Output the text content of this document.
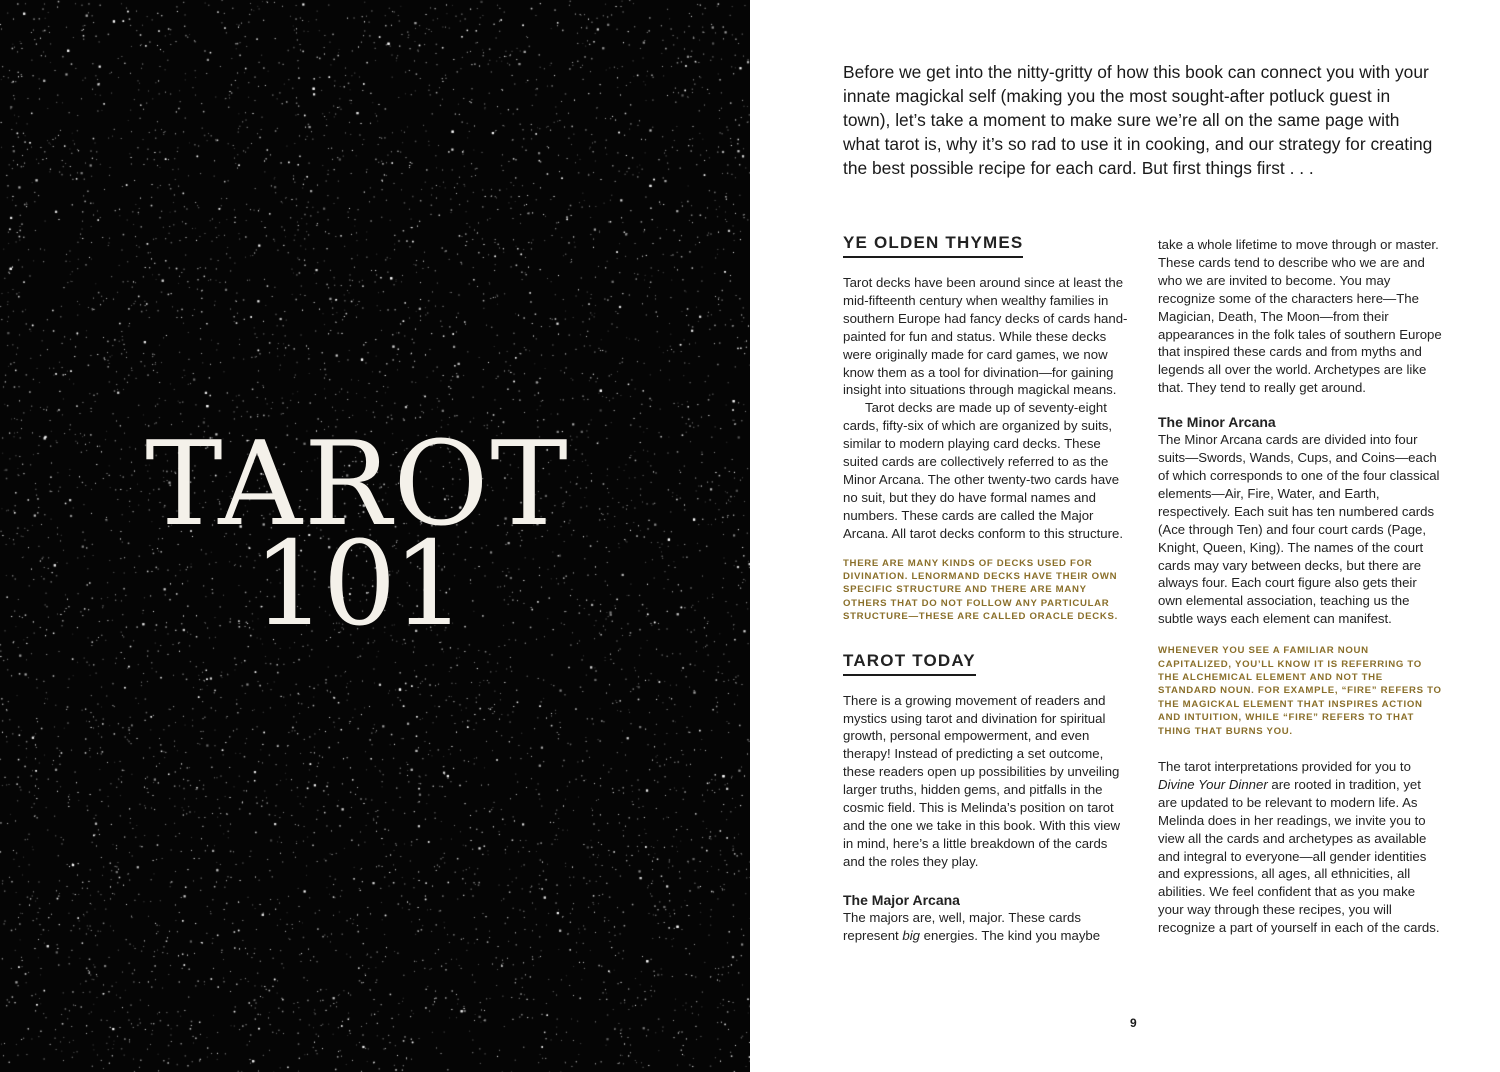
TAROT
101

Before we get into the nitty-gritty of how this book can connect you with your innate magickal self (making you the most sought-after potluck guest in town), let’s take a moment to make sure we’re all on the same page with what tarot is, why it’s so rad to use it in cooking, and our strategy for creating the best possible recipe for each card. But first things first . . .

YE OLDEN THYMES

Tarot decks have been around since at least the mid-fifteenth century when wealthy families in southern Europe had fancy decks of cards hand-painted for fun and status. While these decks were originally made for card games, we now know them as a tool for divination—for gaining insight into situations through magickal means.

Tarot decks are made up of seventy-eight cards, fifty-six of which are organized by suits, similar to modern playing card decks. These suited cards are collectively referred to as the Minor Arcana. The other twenty-two cards have no suit, but they do have formal names and numbers. These cards are called the Major Arcana. All tarot decks conform to this structure.

THERE ARE MANY KINDS OF DECKS USED FOR DIVINATION. LENORMAND DECKS HAVE THEIR OWN SPECIFIC STRUCTURE AND THERE ARE MANY OTHERS THAT DO NOT FOLLOW ANY PARTICULAR STRUCTURE—THESE ARE CALLED ORACLE DECKS.

TAROT TODAY

There is a growing movement of readers and mystics using tarot and divination for spiritual growth, personal empowerment, and even therapy! Instead of predicting a set outcome, these readers open up possibilities by unveiling larger truths, hidden gems, and pitfalls in the cosmic field. This is Melinda’s position on tarot and the one we take in this book. With this view in mind, here’s a little breakdown of the cards and the roles they play.

The Major Arcana

The majors are, well, major. These cards represent big energies. The kind you maybe

take a whole lifetime to move through or master. These cards tend to describe who we are and who we are invited to become. You may recognize some of the characters here—The Magician, Death, The Moon—from their appearances in the folk tales of southern Europe that inspired these cards and from myths and legends all over the world. Archetypes are like that. They tend to really get around.

The Minor Arcana

The Minor Arcana cards are divided into four suits—Swords, Wands, Cups, and Coins—each of which corresponds to one of the four classical elements—Air, Fire, Water, and Earth, respectively. Each suit has ten numbered cards (Ace through Ten) and four court cards (Page, Knight, Queen, King). The names of the court cards may vary between decks, but there are always four. Each court figure also gets their own elemental association, teaching us the subtle ways each element can manifest.

WHENEVER YOU SEE A FAMILIAR NOUN CAPITALIZED, YOU’LL KNOW IT IS REFERRING TO THE ALCHEMICAL ELEMENT AND NOT THE STANDARD NOUN. FOR EXAMPLE, “FIRE” REFERS TO THE MAGICKAL ELEMENT THAT INSPIRES ACTION AND INTUITION, WHILE “FIRE” REFERS TO THAT THING THAT BURNS YOU.

The tarot interpretations provided for you to Divine Your Dinner are rooted in tradition, yet are updated to be relevant to modern life. As Melinda does in her readings, we invite you to view all the cards and archetypes as available and integral to everyone—all gender identities and expressions, all ages, all ethnicities, all abilities. We feel confident that as you make your way through these recipes, you will recognize a part of yourself in each of the cards.

9
